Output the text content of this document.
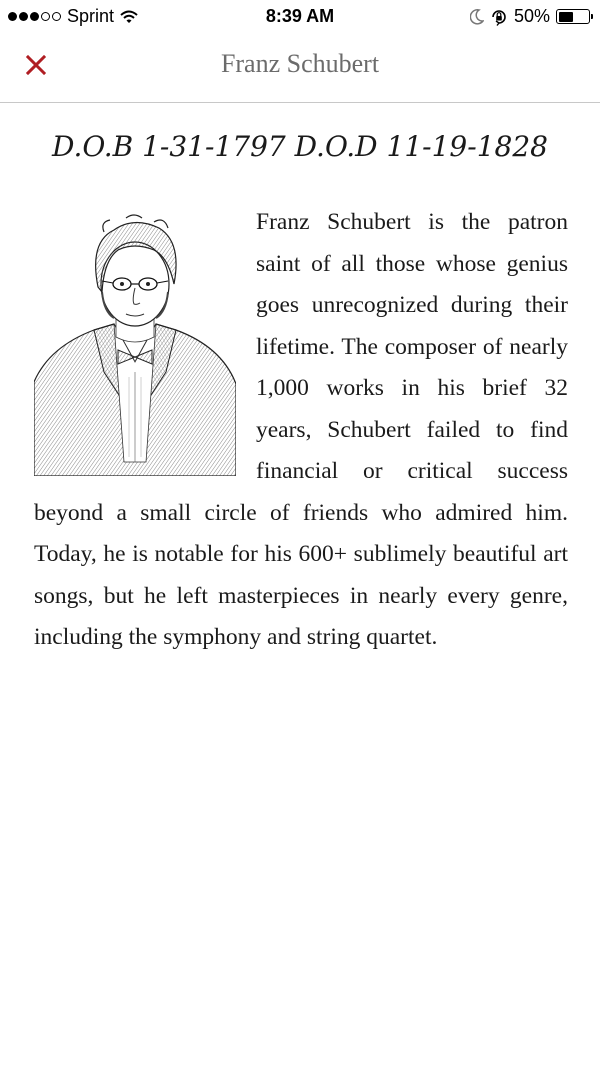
Sprint	8:39 AM	50%
Franz Schubert
D.O.B 1-31-1797 D.O.D 11-19-1828

Franz Schubert is the patron saint of all those whose genius goes unrecognized during their lifetime. The composer of nearly 1,000 works in his brief 32 years, Schubert failed to find financial or critical success beyond a small circle of friends who admired him. Today, he is notable for his 600+ sublimely beautiful art songs, but he left masterpieces in nearly every genre, including the symphony and string quartet.
